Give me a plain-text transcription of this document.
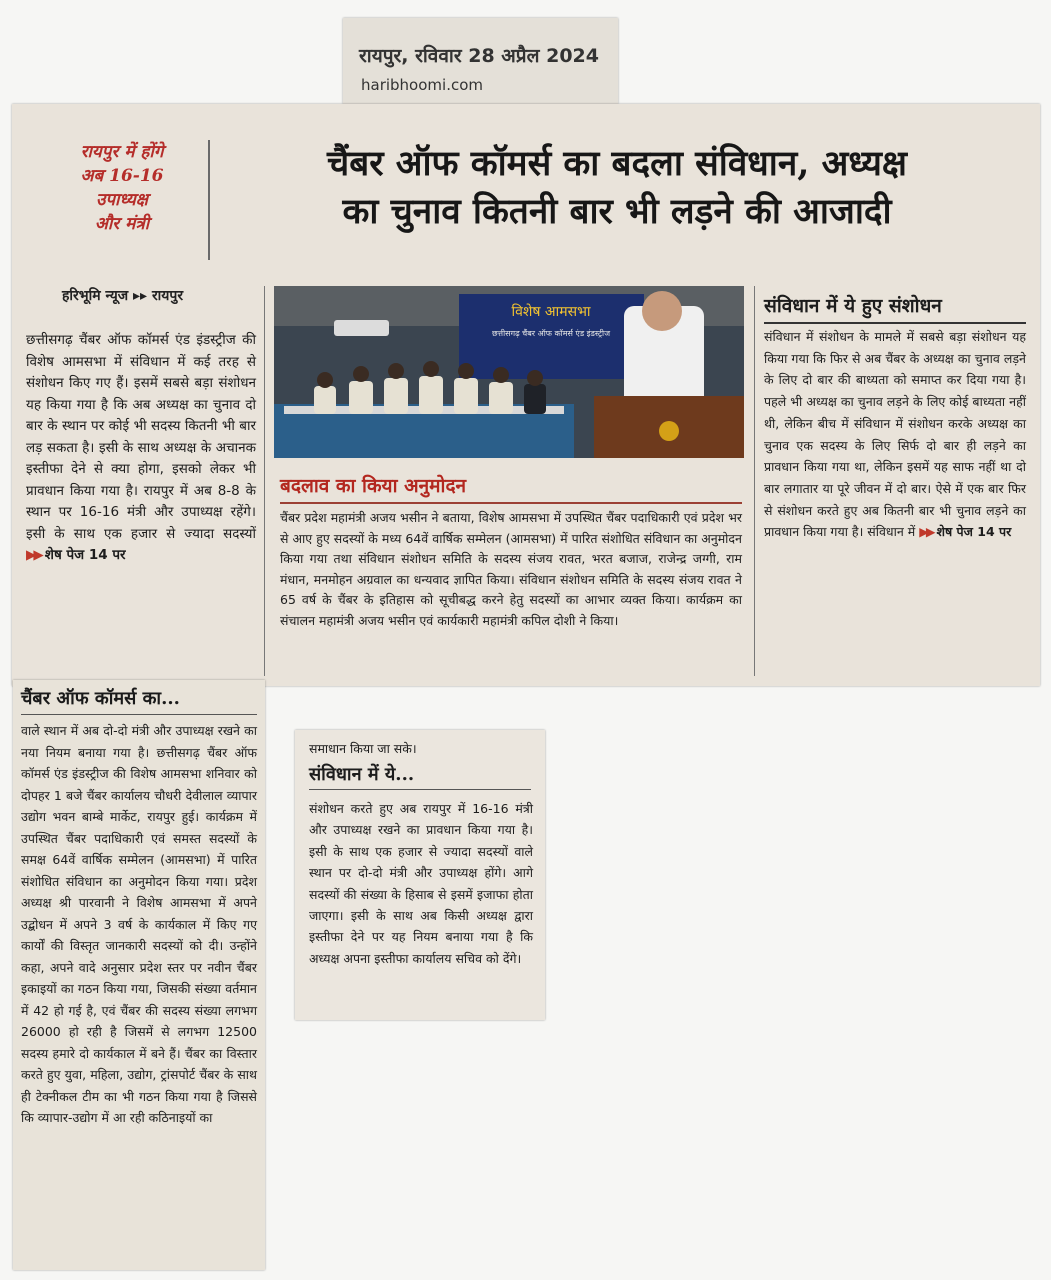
रायपुर, रविवार 28 अप्रैल 2024
haribhoomi.com
रायपुर में होंगे
अब 16-16
उपाध्यक्ष
और मंत्री
चैंबर ऑफ कॉमर्स का बदला संविधान, अध्यक्ष
का चुनाव कितनी बार भी लड़ने की आजादी
हरिभूमि न्यूज ▸▸ रायपुर
छत्तीसगढ़ चैंबर ऑफ कॉमर्स एंड इंडस्ट्रीज की विशेष आमसभा में संविधान में कई तरह से संशोधन किए गए हैं। इसमें सबसे बड़ा संशोधन यह किया गया है कि अब अध्यक्ष का चुनाव दो बार के स्थान पर कोई भी सदस्य कितनी भी बार लड़ सकता है। इसी के साथ अध्यक्ष के अचानक इस्तीफा देने से क्या होगा, इसको लेकर भी प्रावधान किया गया है। रायपुर में अब 8-8 के स्थान पर 16-16 मंत्री और उपाध्यक्ष रहेंगे। इसी के साथ एक हजार से ज्यादा सदस्यों ▶▶ शेष पेज 14 पर
विशेष आमसभा
छत्तीसगढ़ चैंबर ऑफ कॉमर्स एंड इंडस्ट्रीज
बदलाव का किया अनुमोदन
चैंबर प्रदेश महामंत्री अजय भसीन ने बताया, विशेष आमसभा में उपस्थित चैंबर पदाधिकारी एवं प्रदेश भर से आए हुए सदस्यों के मध्य 64वें वार्षिक सम्मेलन (आमसभा) में पारित संशोधित संविधान का अनुमोदन किया गया तथा संविधान संशोधन समिति के सदस्य संजय रावत, भरत बजाज, राजेन्द्र जग्गी, राम मंधान, मनमोहन अग्रवाल का धन्यवाद ज्ञापित किया। संविधान संशोधन समिति के सदस्य संजय रावत ने 65 वर्ष के चैंबर के इतिहास को सूचीबद्ध करने हेतु सदस्यों का आभार व्यक्त किया। कार्यक्रम का संचालन महामंत्री अजय भसीन एवं कार्यकारी महामंत्री कपिल दोशी ने किया।
संविधान में ये हुए संशोधन
संविधान में संशोधन के मामले में सबसे बड़ा संशोधन यह किया गया कि फिर से अब चैंबर के अध्यक्ष का चुनाव लड़ने के लिए दो बार की बाध्यता को समाप्त कर दिया गया है। पहले भी अध्यक्ष का चुनाव लड़ने के लिए कोई बाध्यता नहीं थी, लेकिन बीच में संविधान में संशोधन करके अध्यक्ष का चुनाव एक सदस्य के लिए सिर्फ दो बार ही लड़ने का प्रावधान किया गया था, लेकिन इसमें यह साफ नहीं था दो बार लगातार या पूरे जीवन में दो बार। ऐसे में एक बार फिर से संशोधन करते हुए अब कितनी बार भी चुनाव लड़ने का प्रावधान किया गया है। संविधान में ▶▶ शेष पेज 14 पर
चैंबर ऑफ कॉमर्स का...
वाले स्थान में अब दो-दो मंत्री और उपाध्यक्ष रखने का नया नियम बनाया गया है। छत्तीसगढ़ चैंबर ऑफ कॉमर्स एंड इंडस्ट्रीज की विशेष आमसभा शनिवार को दोपहर 1 बजे चैंबर कार्यालय चौधरी देवीलाल व्यापार उद्योग भवन बाम्बे मार्केट, रायपुर हुई। कार्यक्रम में उपस्थित चैंबर पदाधिकारी एवं समस्त सदस्यों के समक्ष 64वें वार्षिक सम्मेलन (आमसभा) में पारित संशोधित संविधान का अनुमोदन किया गया। प्रदेश अध्यक्ष श्री पारवानी ने विशेष आमसभा में अपने उद्बोधन में अपने 3 वर्ष के कार्यकाल में किए गए कार्यों की विस्तृत जानकारी सदस्यों को दी। उन्होंने कहा, अपने वादे अनुसार प्रदेश स्तर पर नवीन चैंबर इकाइयों का गठन किया गया, जिसकी संख्या वर्तमान में 42 हो गई है, एवं चैंबर की सदस्य संख्या लगभग 26000 हो रही है जिसमें से लगभग 12500 सदस्य हमारे दो कार्यकाल में बने हैं। चैंबर का विस्तार करते हुए युवा, महिला, उद्योग, ट्रांसपोर्ट चैंबर के साथ ही टेक्नीकल टीम का भी गठन किया गया है जिससे कि व्यापार-उद्योग में आ रही कठिनाइयों का
समाधान किया जा सके।
संविधान में ये...
संशोधन करते हुए अब रायपुर में 16-16 मंत्री और उपाध्यक्ष रखने का प्रावधान किया गया है। इसी के साथ एक हजार से ज्यादा सदस्यों वाले स्थान पर दो-दो मंत्री और उपाध्यक्ष होंगे। आगे सदस्यों की संख्या के हिसाब से इसमें इजाफा होता जाएगा। इसी के साथ अब किसी अध्यक्ष द्वारा इस्तीफा देने पर यह नियम बनाया गया है कि अध्यक्ष अपना इस्तीफा कार्यालय सचिव को देंगे।
